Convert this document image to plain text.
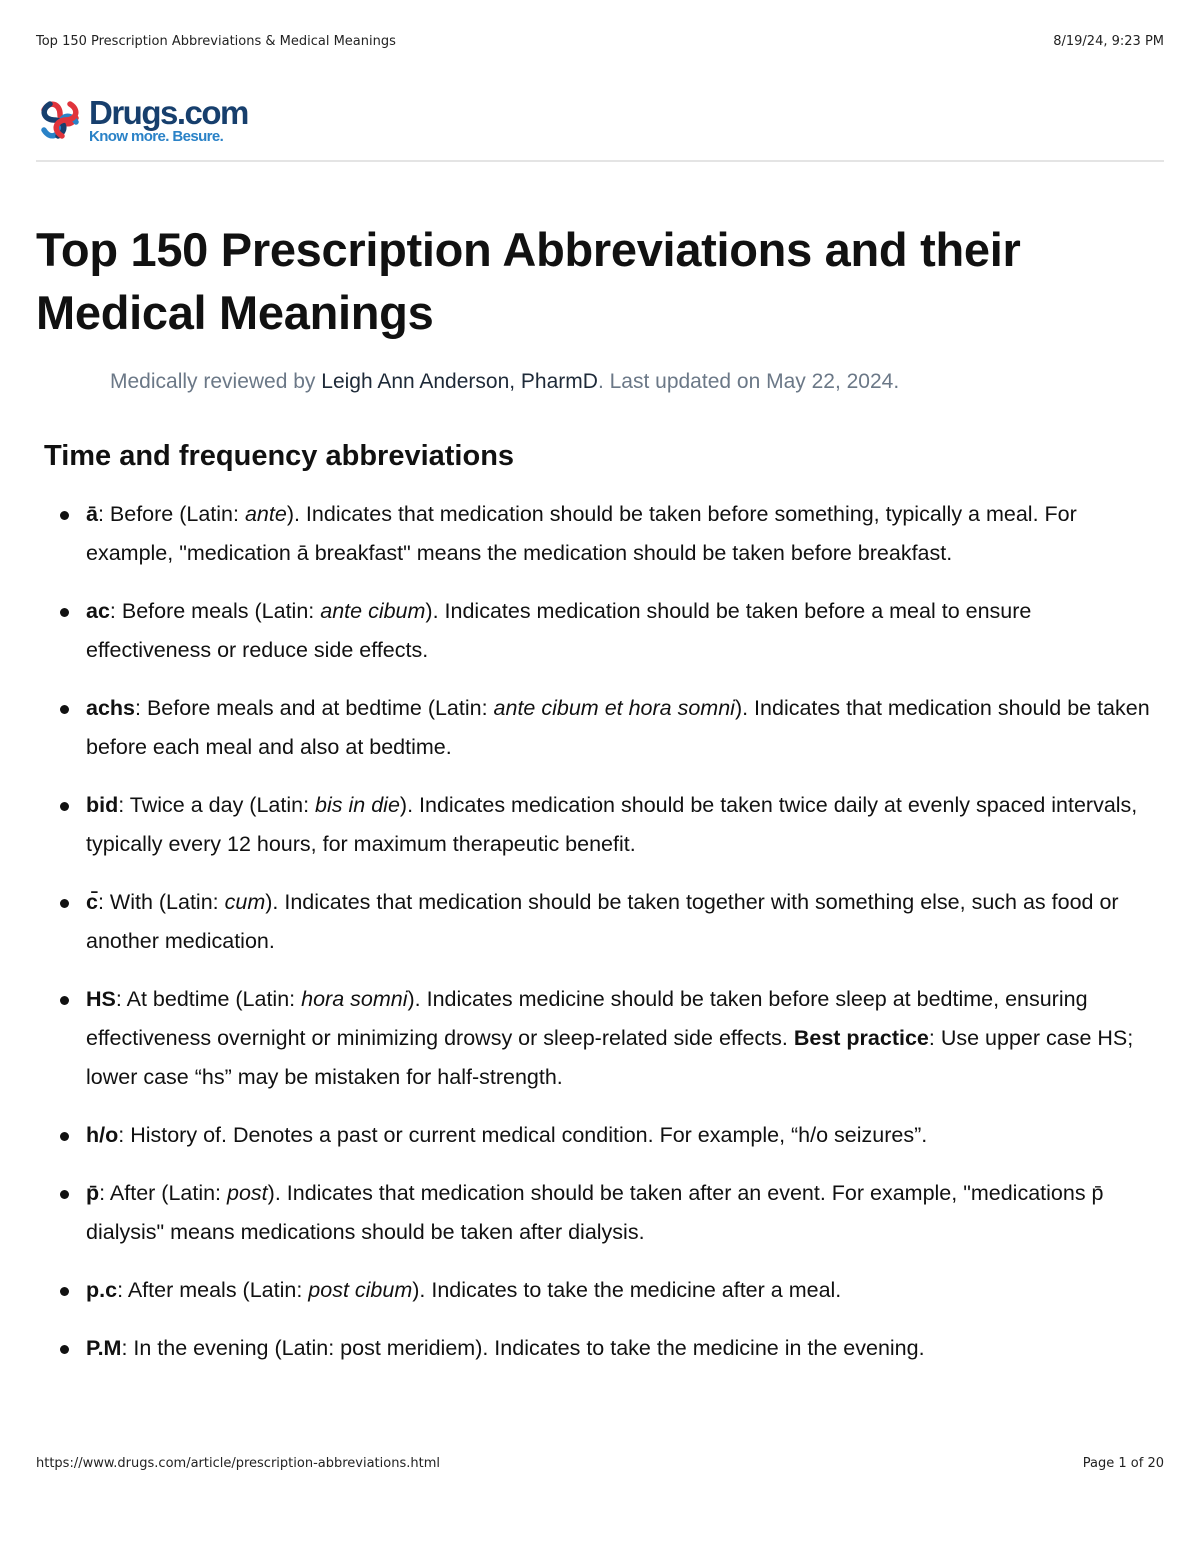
Top 150 Prescription Abbreviations & Medical Meanings	8/19/24, 9:23 PM
Drugs.com
Know more. Besure.
Top 150 Prescription Abbreviations and their Medical Meanings
Medically reviewed by Leigh Ann Anderson, PharmD. Last updated on May 22, 2024.
Time and frequency abbreviations
ā: Before (Latin: ante). Indicates that medication should be taken before something, typically a meal. For example, "medication ā breakfast" means the medication should be taken before breakfast.
ac: Before meals (Latin: ante cibum). Indicates medication should be taken before a meal to ensure effectiveness or reduce side effects.
achs: Before meals and at bedtime (Latin: ante cibum et hora somni). Indicates that medication should be taken before each meal and also at bedtime.
bid: Twice a day (Latin: bis in die). Indicates medication should be taken twice daily at evenly spaced intervals, typically every 12 hours, for maximum therapeutic benefit.
c̄: With (Latin: cum). Indicates that medication should be taken together with something else, such as food or another medication.
HS: At bedtime (Latin: hora somni). Indicates medicine should be taken before sleep at bedtime, ensuring effectiveness overnight or minimizing drowsy or sleep-related side effects. Best practice: Use upper case HS; lower case “hs” may be mistaken for half-strength.
h/o: History of. Denotes a past or current medical condition. For example, “h/o seizures”.
p̄: After (Latin: post). Indicates that medication should be taken after an event. For example, "medications p̄ dialysis" means medications should be taken after dialysis.
p.c: After meals (Latin: post cibum). Indicates to take the medicine after a meal.
P.M: In the evening (Latin: post meridiem). Indicates to take the medicine in the evening.
https://www.drugs.com/article/prescription-abbreviations.html	Page 1 of 20
